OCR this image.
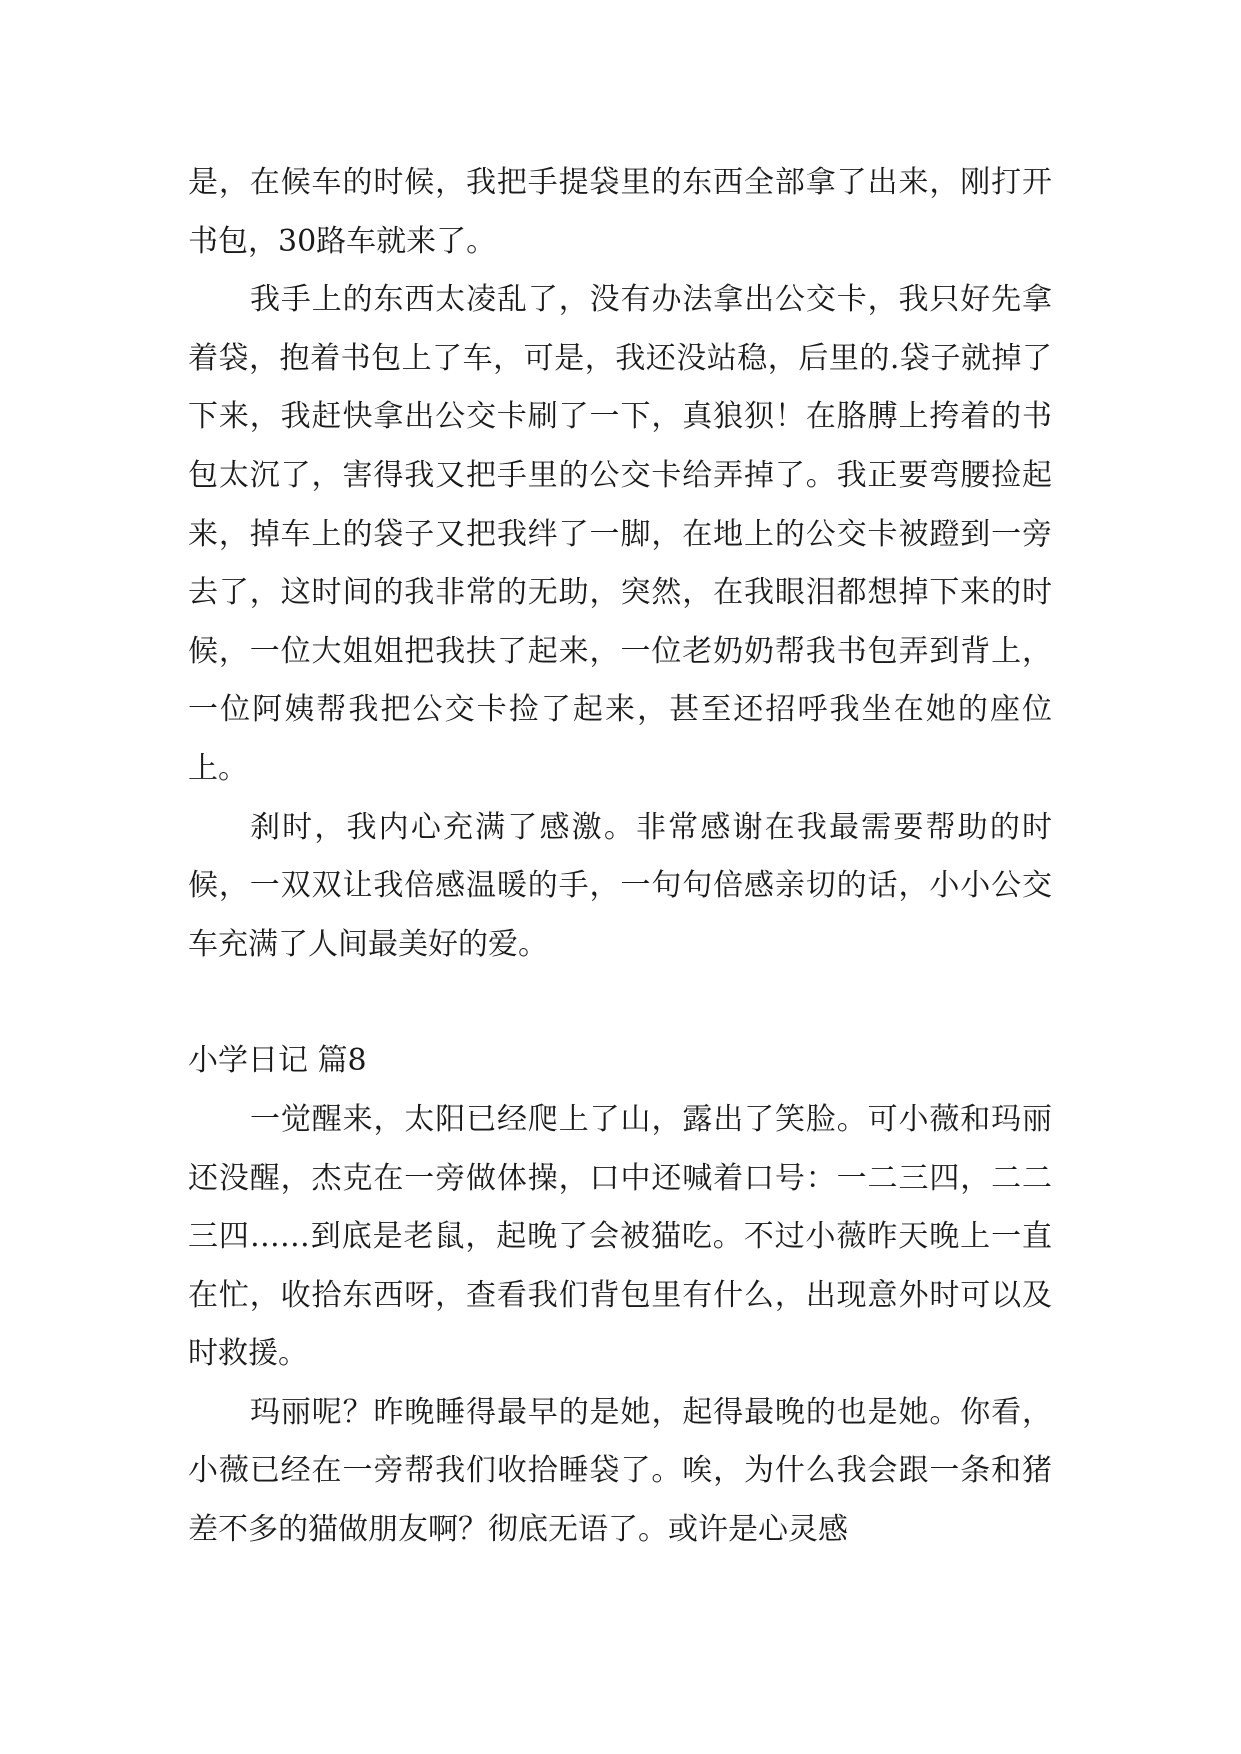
是，在候车的时候，我把手提袋里的东西全部拿了出来，刚打开书包，30路车就来了。

我手上的东西太凌乱了，没有办法拿出公交卡，我只好先拿着袋，抱着书包上了车，可是，我还没站稳，后里的.袋子就掉了下来，我赶快拿出公交卡刷了一下，真狼狈！在胳膊上挎着的书包太沉了，害得我又把手里的公交卡给弄掉了。我正要弯腰捡起来，掉车上的袋子又把我绊了一脚，在地上的公交卡被蹬到一旁去了，这时间的我非常的无助，突然，在我眼泪都想掉下来的时候，一位大姐姐把我扶了起来，一位老奶奶帮我书包弄到背上，一位阿姨帮我把公交卡捡了起来，甚至还招呼我坐在她的座位上。

刹时，我内心充满了感激。非常感谢在我最需要帮助的时候，一双双让我倍感温暖的手，一句句倍感亲切的话，小小公交车充满了人间最美好的爱。

小学日记 篇8

一觉醒来，太阳已经爬上了山，露出了笑脸。可小薇和玛丽还没醒，杰克在一旁做体操，口中还喊着口号：一二三四，二二三四……到底是老鼠，起晚了会被猫吃。不过小薇昨天晚上一直在忙，收拾东西呀，查看我们背包里有什么，出现意外时可以及时救援。

玛丽呢？昨晚睡得最早的是她，起得最晚的也是她。你看，小薇已经在一旁帮我们收拾睡袋了。唉，为什么我会跟一条和猪差不多的猫做朋友啊？彻底无语了。或许是心灵感
